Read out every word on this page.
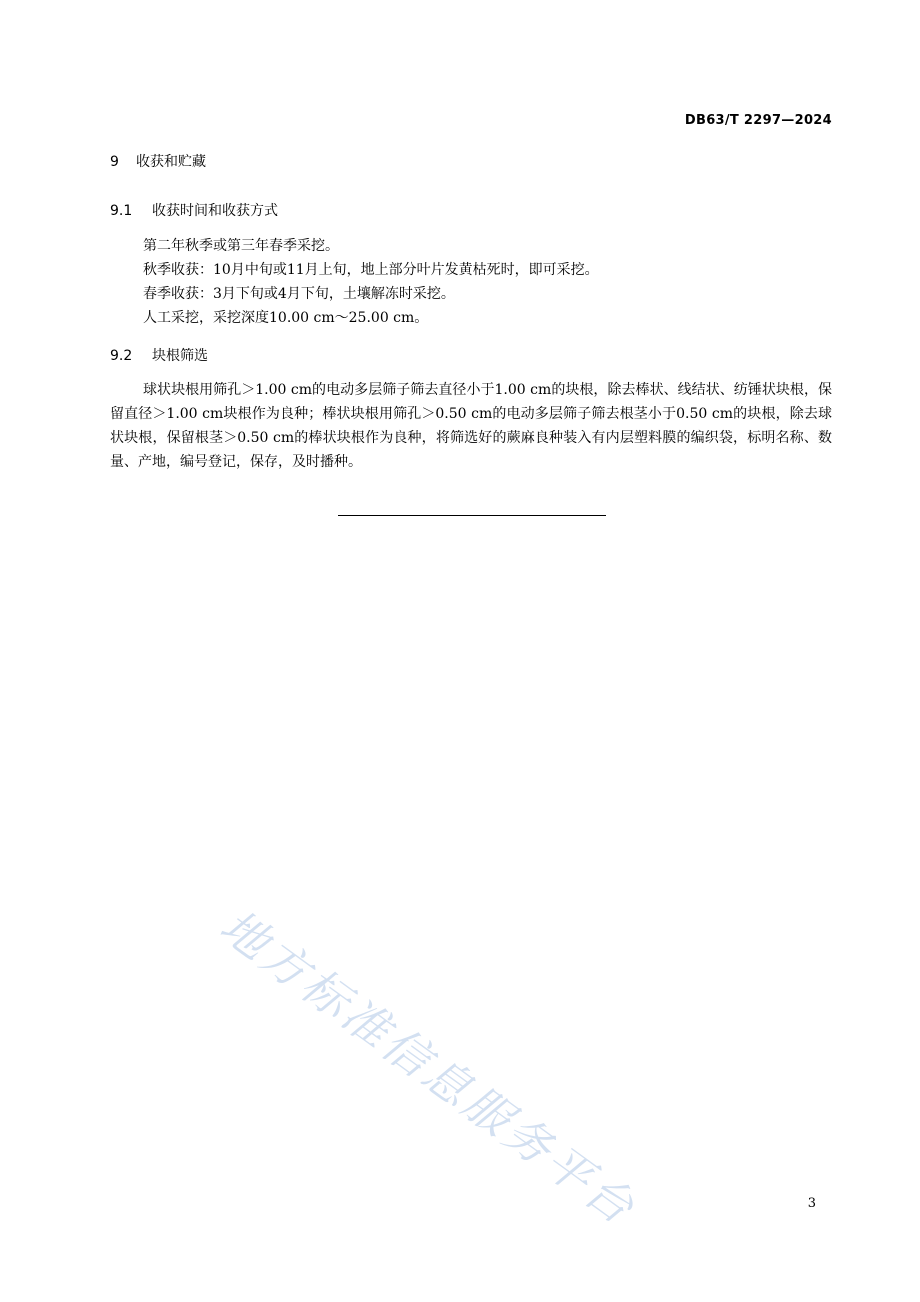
DB63/T 2297—2024
9 收获和贮藏
9.1 收获时间和收获方式

第二年秋季或第三年春季采挖。

秋季收获：10月中旬或11月上旬，地上部分叶片发黄枯死时，即可采挖。

春季收获：3月下旬或4月下旬，土壤解冻时采挖。

人工采挖，采挖深度10.00 cm～25.00 cm。

9.2 块根筛选

球状块根用筛孔＞1.00 cm的电动多层筛子筛去直径小于1.00 cm的块根，除去棒状、线结状、纺锤状块根，保留直径＞1.00 cm块根作为良种；棒状块根用筛孔＞0.50 cm的电动多层筛子筛去根茎小于0.50 cm的块根，除去球状块根，保留根茎＞0.50 cm的棒状块根作为良种，将筛选好的蕨麻良种装入有内层塑料膜的编织袋，标明名称、数量、产地，编号登记，保存，及时播种。

地方标准信息服务平台	3
